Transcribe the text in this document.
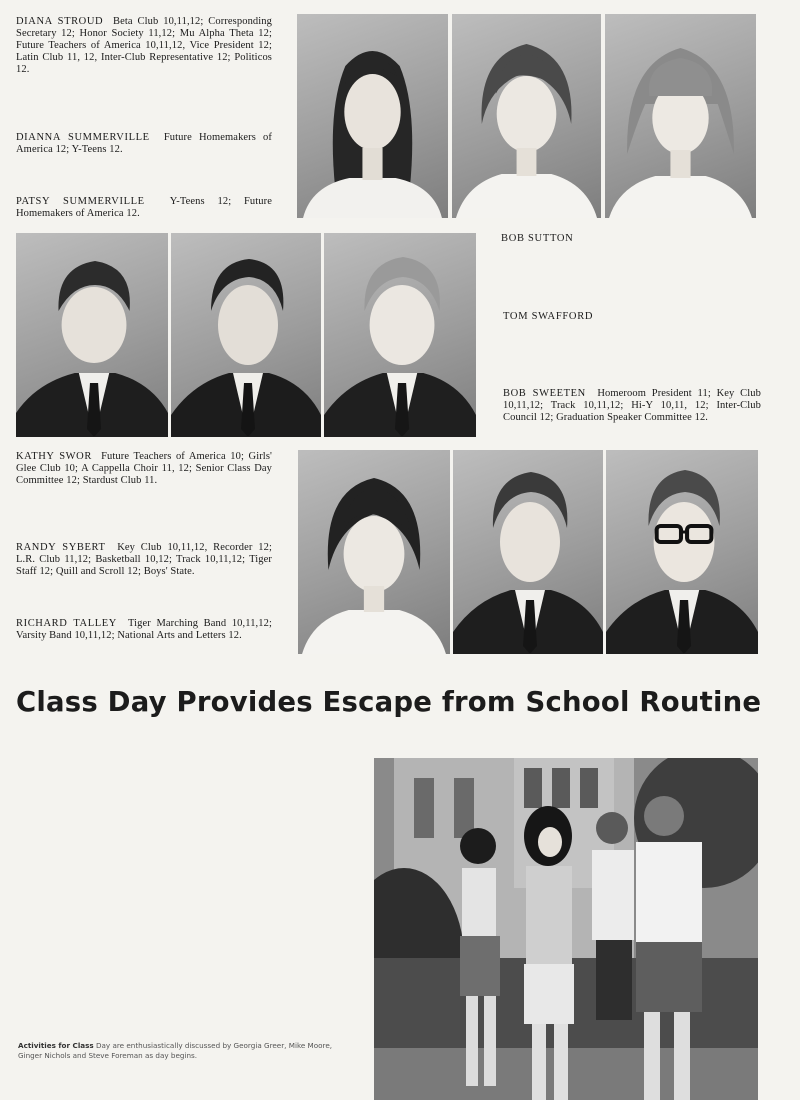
DIANA STROUD Beta Club 10,11,12; Corresponding Secretary 12; Honor Society 11,12; Mu Alpha Theta 12; Future Teachers of America 10,11,12, Vice President 12; Latin Club 11, 12, Inter-Club Representative 12; Politicos 12.
DIANNA SUMMERVILLE Future Homemakers of America 12; Y-Teens 12.
PATSY SUMMERVILLE Y-Teens 12; Future Homemakers of America 12.
BOB SUTTON
TOM SWAFFORD
BOB SWEETEN Homeroom President 11; Key Club 10,11,12; Track 10,11,12; Hi-Y 10,11, 12; Inter-Club Council 12; Graduation Speaker Committee 12.
KATHY SWOR Future Teachers of America 10; Girls' Glee Club 10; A Cappella Choir 11, 12; Senior Class Day Committee 12; Stardust Club 11.
RANDY SYBERT Key Club 10,11,12, Recorder 12; L.R. Club 11,12; Basketball 10,12; Track 10,11,12; Tiger Staff 12; Quill and Scroll 12; Boys' State.
RICHARD TALLEY Tiger Marching Band 10,11,12; Varsity Band 10,11,12; National Arts and Letters 12.
Class Day Provides Escape from School Routine
Activities for Class Day are enthusiastically discussed by Georgia Greer, Mike Moore, Ginger Nichols and Steve Foreman as day begins.
